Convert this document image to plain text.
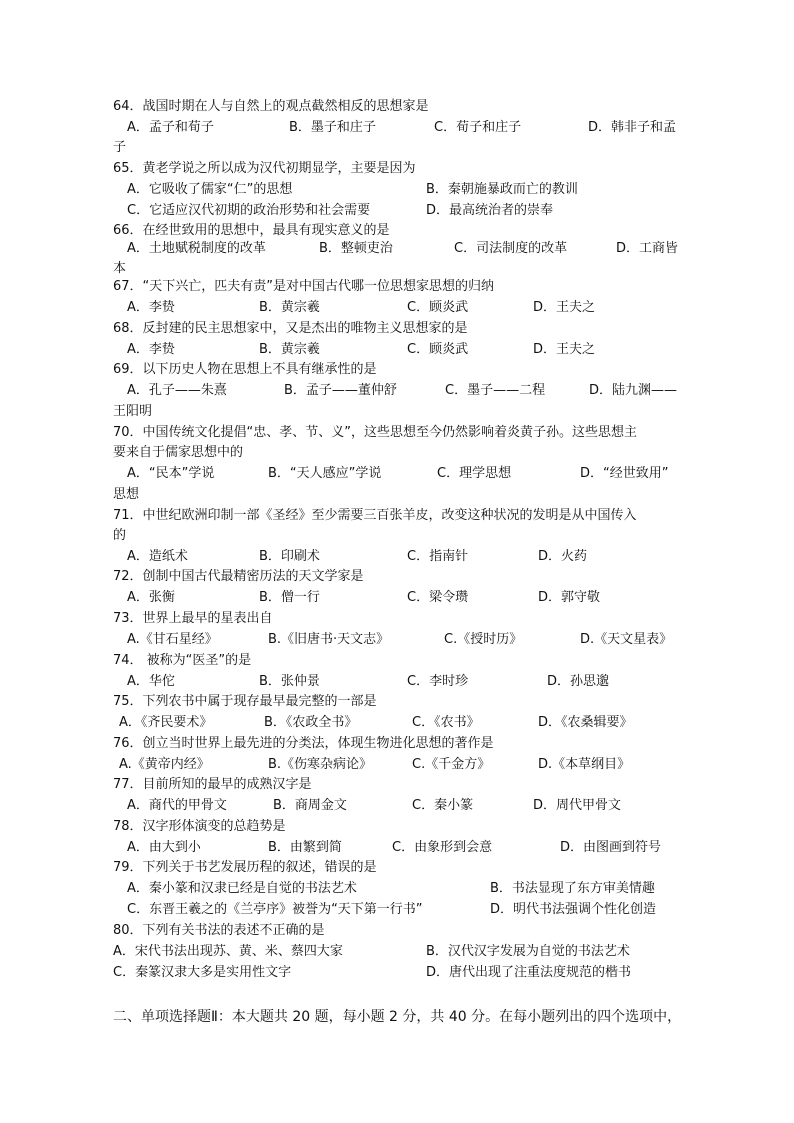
64．战国时期在人与自然上的观点截然相反的思想家是
A．孟子和荀子	B．墨子和庄子	C．荀子和庄子	D．韩非子和孟
子
65．黄老学说之所以成为汉代初期显学，主要是因为
A．它吸收了儒家“仁”的思想	B．秦朝施暴政而亡的教训
C．它适应汉代初期的政治形势和社会需要	D．最高统治者的崇奉
66．在经世致用的思想中，最具有现实意义的是
A．土地赋税制度的改革	B．整顿吏治	C．司法制度的改革	D．工商皆
本
67．“天下兴亡，匹夫有责”是对中国古代哪一位思想家思想的归纳
A．李贽	B．黄宗羲	C．顾炎武	D．王夫之
68．反封建的民主思想家中，又是杰出的唯物主义思想家的是
A．李贽	B．黄宗羲	C．顾炎武	D．王夫之
69．以下历史人物在思想上不具有继承性的是
A．孔子——朱熹	B．孟子——董仲舒	C．墨子——二程	D．陆九渊——
王阳明
70．中国传统文化提倡“忠、孝、节、义”，这些思想至今仍然影响着炎黄子孙。这些思想主
要来自于儒家思想中的
A．“民本”学说	B．“天人感应”学说	C．理学思想	D．“经世致用”
思想
71．中世纪欧洲印制一部《圣经》至少需要三百张羊皮，改变这种状况的发明是从中国传入
的
A．造纸术	B．印刷术	C．指南针	D．火药
72．创制中国古代最精密历法的天文学家是
A．张衡	B．僧一行	C．梁令瓒	D．郭守敬
73．世界上最早的星表出自
A.《甘石星经》	B.《旧唐书·天文志》	C.《授时历》	D.《天文星表》
74． 被称为“医圣”的是
A．华佗	B．张仲景	C．李时珍	D．孙思邈
75．下列农书中属于现存最早最完整的一部是
A．《齐民要术》	B．《农政全书》	C．《农书》	D．《农桑辑要》
76．创立当时世界上最先进的分类法，体现生物进化思想的著作是
A.《黄帝内经》	B.《伤寒杂病论》	C.《千金方》	D.《本草纲目》
77．目前所知的最早的成熟汉字是
A．商代的甲骨文	B．商周金文	C．秦小篆	D．周代甲骨文
78．汉字形体演变的总趋势是
A．由大到小	B．由繁到简	C．由象形到会意	D．由图画到符号
79．下列关于书艺发展历程的叙述，错误的是
A．秦小篆和汉隶已经是自觉的书法艺术	B．书法显现了东方审美情趣
C．东晋王羲之的《兰亭序》被誉为“天下第一行书”	D．明代书法强调个性化创造
80．下列有关书法的表述不正确的是
A．宋代书法出现苏、黄、米、蔡四大家	B．汉代汉字发展为自觉的书法艺术
C．秦篆汉隶大多是实用性文字	D．唐代出现了注重法度规范的楷书
二、单项选择题Ⅱ：本大题共 20 题，每小题 2 分，共 40 分。在每小题列出的四个选项中，
